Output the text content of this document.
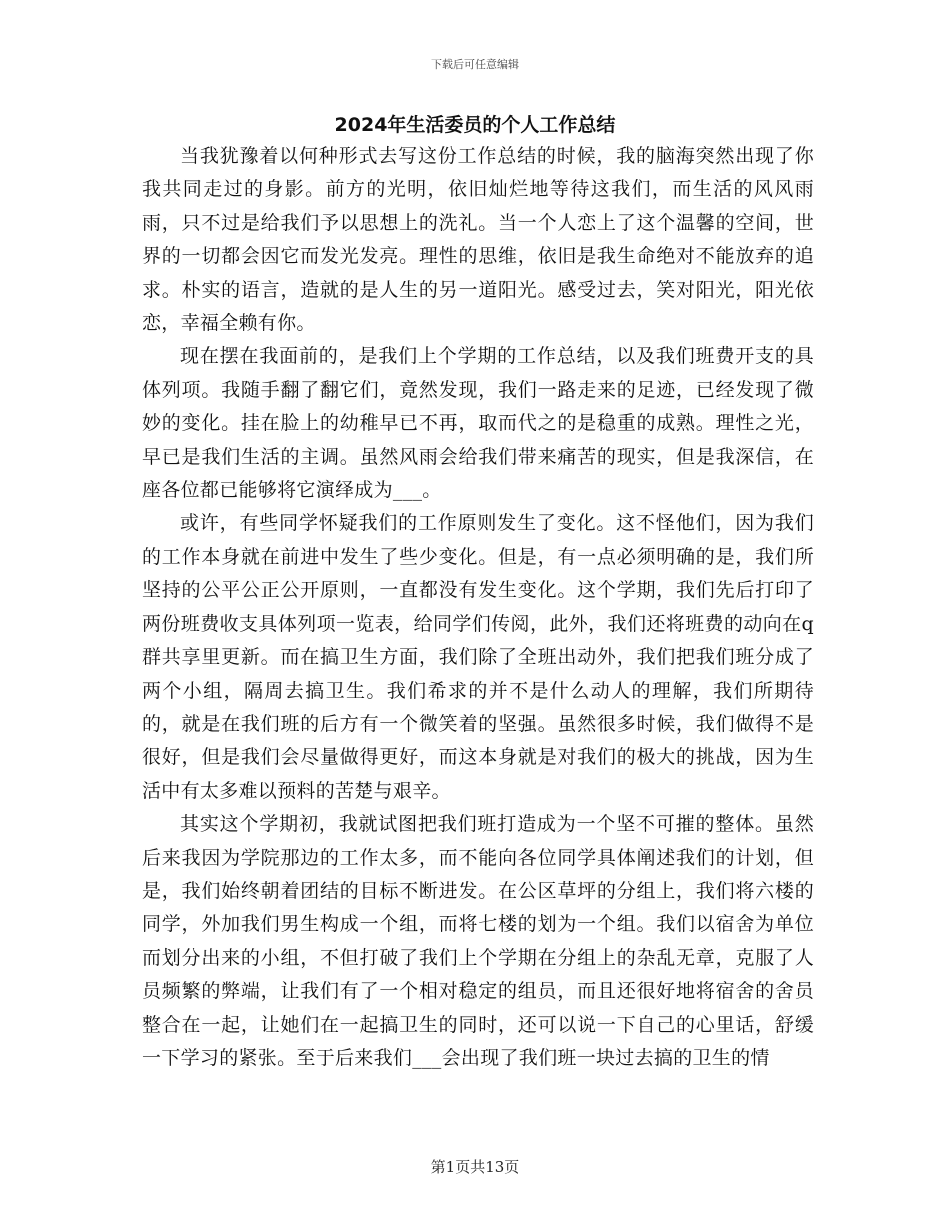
下载后可任意编辑
2024年生活委员的个人工作总结

当我犹豫着以何种形式去写这份工作总结的时候，我的脑海突然出现了你我共同走过的身影。前方的光明，依旧灿烂地等待这我们，而生活的风风雨雨，只不过是给我们予以思想上的洗礼。当一个人恋上了这个温馨的空间，世界的一切都会因它而发光发亮。理性的思维，依旧是我生命绝对不能放弃的追求。朴实的语言，造就的是人生的另一道阳光。感受过去，笑对阳光，阳光依恋，幸福全赖有你。

现在摆在我面前的，是我们上个学期的工作总结，以及我们班费开支的具体列项。我随手翻了翻它们，竟然发现，我们一路走来的足迹，已经发现了微妙的变化。挂在脸上的幼稚早已不再，取而代之的是稳重的成熟。理性之光，早已是我们生活的主调。虽然风雨会给我们带来痛苦的现实，但是我深信，在座各位都已能够将它演绎成为___。

或许，有些同学怀疑我们的工作原则发生了变化。这不怪他们，因为我们的工作本身就在前进中发生了些少变化。但是，有一点必须明确的是，我们所坚持的公平公正公开原则，一直都没有发生变化。这个学期，我们先后打印了两份班费收支具体列项一览表，给同学们传阅，此外，我们还将班费的动向在q群共享里更新。而在搞卫生方面，我们除了全班出动外，我们把我们班分成了两个小组，隔周去搞卫生。我们希求的并不是什么动人的理解，我们所期待的，就是在我们班的后方有一个微笑着的坚强。虽然很多时候，我们做得不是很好，但是我们会尽量做得更好，而这本身就是对我们的极大的挑战，因为生活中有太多难以预料的苦楚与艰辛。

其实这个学期初，我就试图把我们班打造成为一个坚不可摧的整体。虽然后来我因为学院那边的工作太多，而不能向各位同学具体阐述我们的计划，但是，我们始终朝着团结的目标不断进发。在公区草坪的分组上，我们将六楼的同学，外加我们男生构成一个组，而将七楼的划为一个组。我们以宿舍为单位而划分出来的小组，不但打破了我们上个学期在分组上的杂乱无章，克服了人员频繁的弊端，让我们有了一个相对稳定的组员，而且还很好地将宿舍的舍员整合在一起，让她们在一起搞卫生的同时，还可以说一下自己的心里话，舒缓一下学习的紧张。至于后来我们___会出现了我们班一块过去搞的卫生的情

第1页共13页
